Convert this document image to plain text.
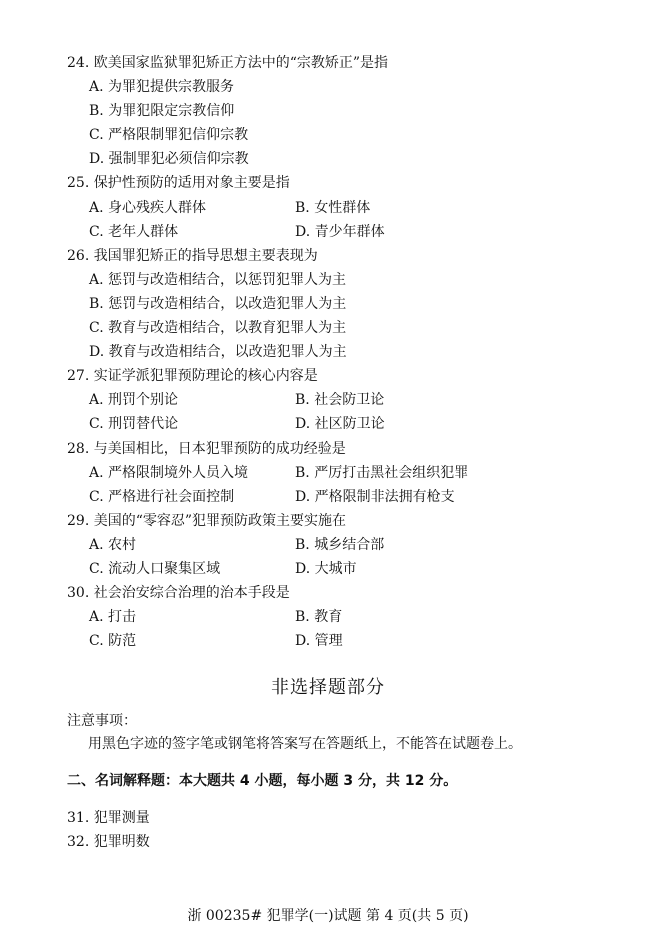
24. 欧美国家监狱罪犯矫正方法中的“宗教矫正”是指
A. 为罪犯提供宗教服务
B. 为罪犯限定宗教信仰
C. 严格限制罪犯信仰宗教
D. 强制罪犯必须信仰宗教
25. 保护性预防的适用对象主要是指
A. 身心残疾人群体	B. 女性群体
C. 老年人群体	D. 青少年群体
26. 我国罪犯矫正的指导思想主要表现为
A. 惩罚与改造相结合，以惩罚犯罪人为主
B. 惩罚与改造相结合，以改造犯罪人为主
C. 教育与改造相结合，以教育犯罪人为主
D. 教育与改造相结合，以改造犯罪人为主
27. 实证学派犯罪预防理论的核心内容是
A. 刑罚个别论	B. 社会防卫论
C. 刑罚替代论	D. 社区防卫论
28. 与美国相比，日本犯罪预防的成功经验是
A. 严格限制境外人员入境	B. 严厉打击黑社会组织犯罪
C. 严格进行社会面控制	D. 严格限制非法拥有枪支
29. 美国的“零容忍”犯罪预防政策主要实施在
A. 农村	B. 城乡结合部
C. 流动人口聚集区域	D. 大城市
30. 社会治安综合治理的治本手段是
A. 打击	B. 教育
C. 防范	D. 管理
非选择题部分
注意事项：
用黑色字迹的签字笔或钢笔将答案写在答题纸上，不能答在试题卷上。
二、名词解释题：本大题共 4 小题，每小题 3 分，共 12 分。
31. 犯罪测量
32. 犯罪明数
浙 00235# 犯罪学(一)试题 第 4 页(共 5 页)
